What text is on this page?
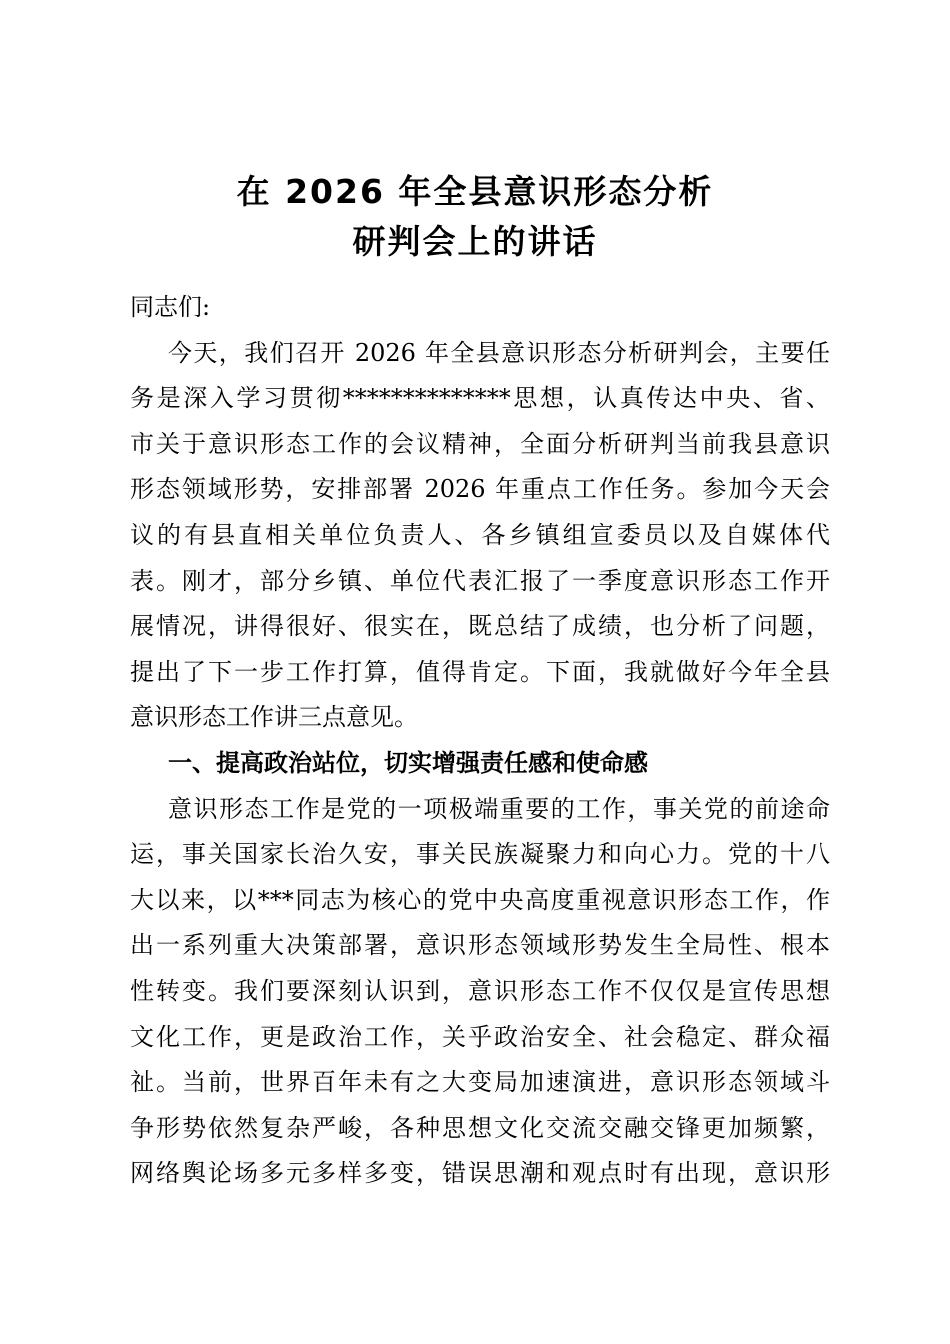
在 2026 年全县意识形态分析
研判会上的讲话
同志们:
今天，我们召开 2026 年全县意识形态分析研判会，主要任
务是深入学习贯彻**************思想，认真传达中央、省、
市关于意识形态工作的会议精神，全面分析研判当前我县意识
形态领域形势，安排部署 2026 年重点工作任务。参加今天会
议的有县直相关单位负责人、各乡镇组宣委员以及自媒体代
表。刚才，部分乡镇、单位代表汇报了一季度意识形态工作开
展情况，讲得很好、很实在，既总结了成绩，也分析了问题，
提出了下一步工作打算，值得肯定。下面，我就做好今年全县
意识形态工作讲三点意见。
一、提高政治站位，切实增强责任感和使命感
意识形态工作是党的一项极端重要的工作，事关党的前途命
运，事关国家长治久安，事关民族凝聚力和向心力。党的十八
大以来，以***同志为核心的党中央高度重视意识形态工作，作
出一系列重大决策部署，意识形态领域形势发生全局性、根本
性转变。我们要深刻认识到，意识形态工作不仅仅是宣传思想
文化工作，更是政治工作，关乎政治安全、社会稳定、群众福
祉。当前，世界百年未有之大变局加速演进，意识形态领域斗
争形势依然复杂严峻，各种思想文化交流交融交锋更加频繁，
网络舆论场多元多样多变，错误思潮和观点时有出现，意识形
